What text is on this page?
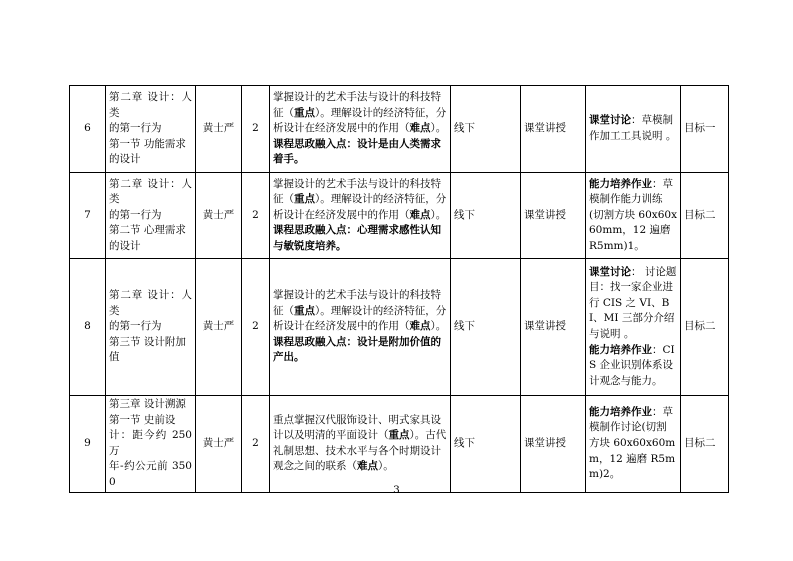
6	第二章 设计：人类
的第一行为
第一节 功能需求
的设计	黄士严	2	掌握设计的艺术手法与设计的科技特征（重点）。理解设计的经济特征，分析设计在经济发展中的作用（难点）。
课程思政融入点：设计是由人类需求着手。	线下	课堂讲授	课堂讨论：草模制作加工工具说明 。	目标一
7	第二章 设计：人类
的第一行为
第二节 心理需求
的设计	黄士严	2	掌握设计的艺术手法与设计的科技特征（重点）。理解设计的经济特征，分析设计在经济发展中的作用（难点）。
课程思政融入点：心理需求感性认知与敏锐度培养。	线下	课堂讲授	能力培养作业：草模制作能力训练(切割方块 60x60x60mm，12 遍磨 R5mm)1。	目标二
8	第二章 设计：人类
的第一行为
第三节 设计附加
值	黄士严	2	掌握设计的艺术手法与设计的科技特征（重点）。理解设计的经济特征，分析设计在经济发展中的作用（难点）。
课程思政融入点：设计是附加价值的产出。	线下	课堂讲授	课堂讨论： 讨论题目：找一家企业进行 CIS 之 VI、BI、MI 三部分介绍与说明 。
能力培养作业：CIS 企业识别体系设计观念与能力。	目标二
9	第三章 设计溯源
第一节 史前设
计：距今约 250 万
年-约公元前 3500	黄士严	2	重点掌握汉代服饰设计、明式家具设计以及明清的平面设计（重点）。古代礼制思想、技术水平与各个时期设计观念之间的联系（难点）。	线下	课堂讲授	能力培养作业：草模制作讨论(切割方块 60x60x60mm，12 遍磨 R5mm)2。	目标二
3
